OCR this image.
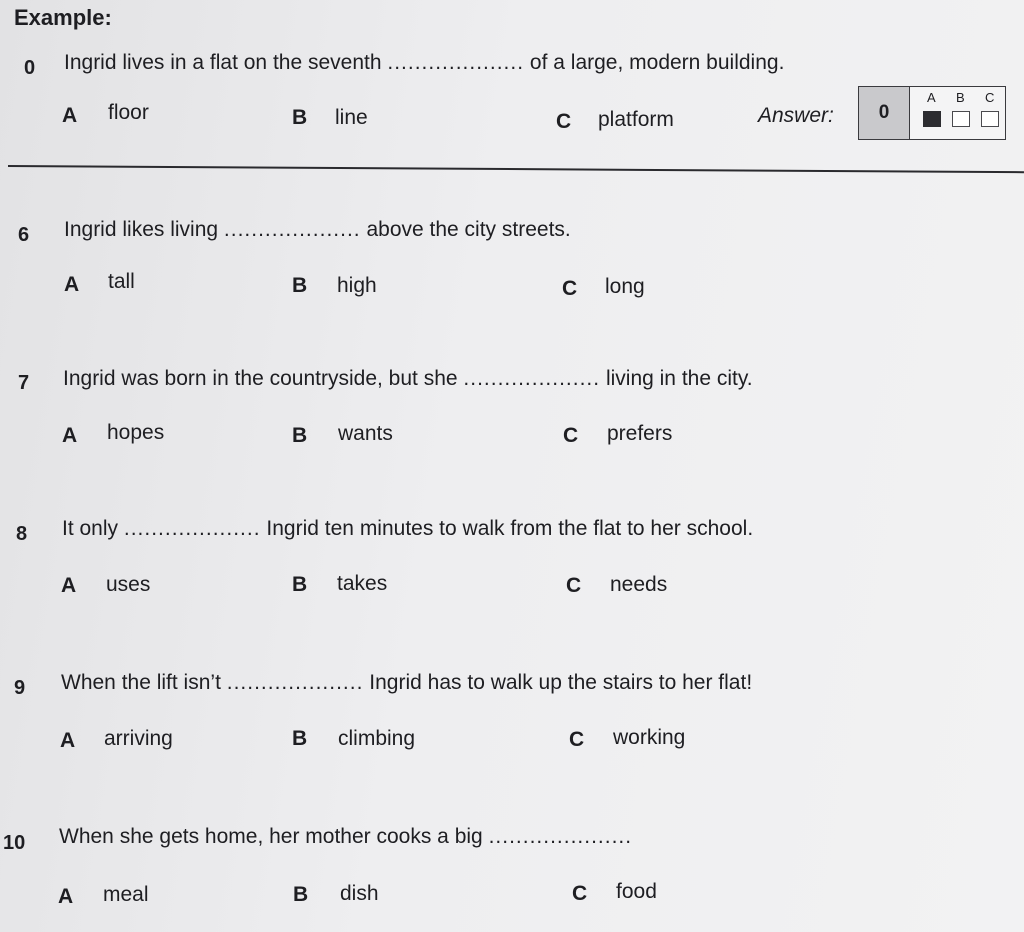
Example:
0 Ingrid lives in a flat on the seventh .................... of a large, modern building.
A floor	B line	C platform	Answer:	0
A B C
6 Ingrid likes living .................... above the city streets.
A tall	B high	C long
7 Ingrid was born in the countryside, but she .................... living in the city.
A hopes	B wants	C prefers
8 It only .................... Ingrid ten minutes to walk from the flat to her school.
A uses	B takes	C needs
9 When the lift isn’t .................... Ingrid has to walk up the stairs to her flat!
A arriving	B climbing	C working
10 When she gets home, her mother cooks a big .....................
A meal	B dish	C food
